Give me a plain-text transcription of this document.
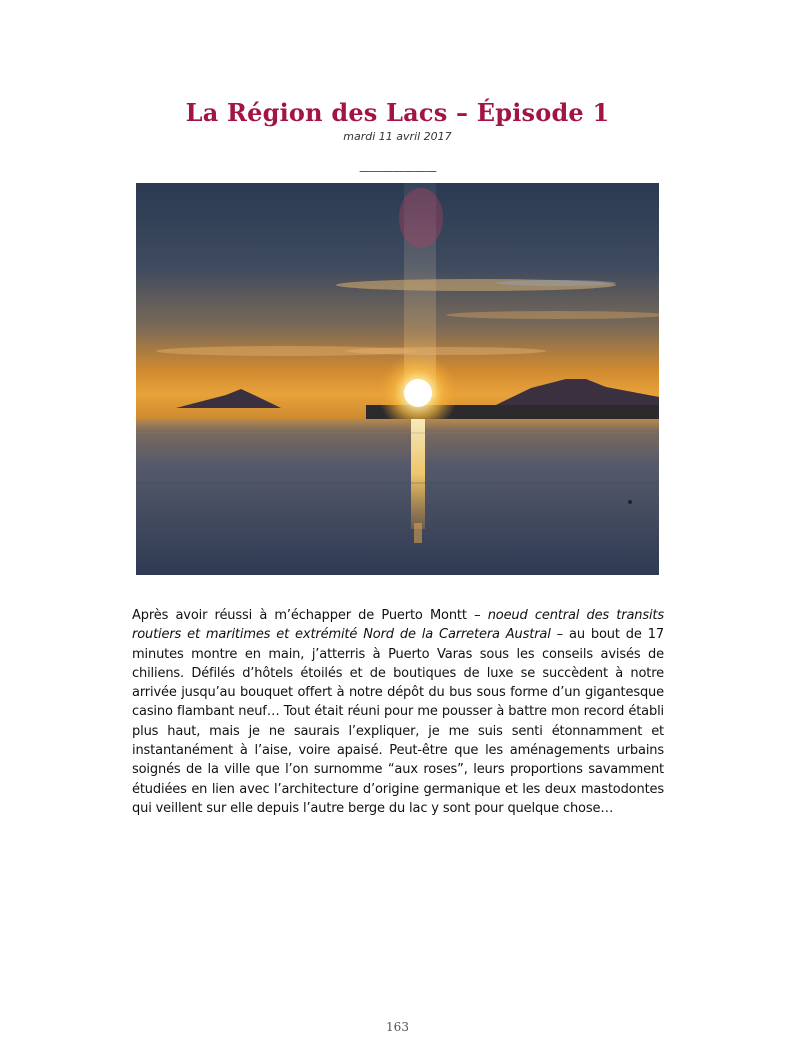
La Région des Lacs – Épisode 1
mardi 11 avril 2017
———————

Après avoir réussi à m’échapper de Puerto Montt – noeud central des transits routiers et maritimes et extrémité Nord de la Carretera Austral – au bout de 17 minutes montre en main, j’atterris à Puerto Varas sous les conseils avisés de chiliens. Défilés d’hôtels étoilés et de boutiques de luxe se succèdent à notre arrivée jusqu’au bouquet offert à notre dépôt du bus sous forme d’un gigantesque casino flambant neuf… Tout était réuni pour me pousser à battre mon record établi plus haut, mais je ne saurais l’expliquer, je me suis senti étonnamment et instantanément à l’aise, voire apaisé. Peut-être que les aménagements urbains soignés de la ville que l’on surnomme “aux roses”, leurs proportions savamment étudiées en lien avec l’architecture d’origine germanique et les deux mastodontes qui veillent sur elle depuis l’autre berge du lac y sont pour quelque chose…

163
